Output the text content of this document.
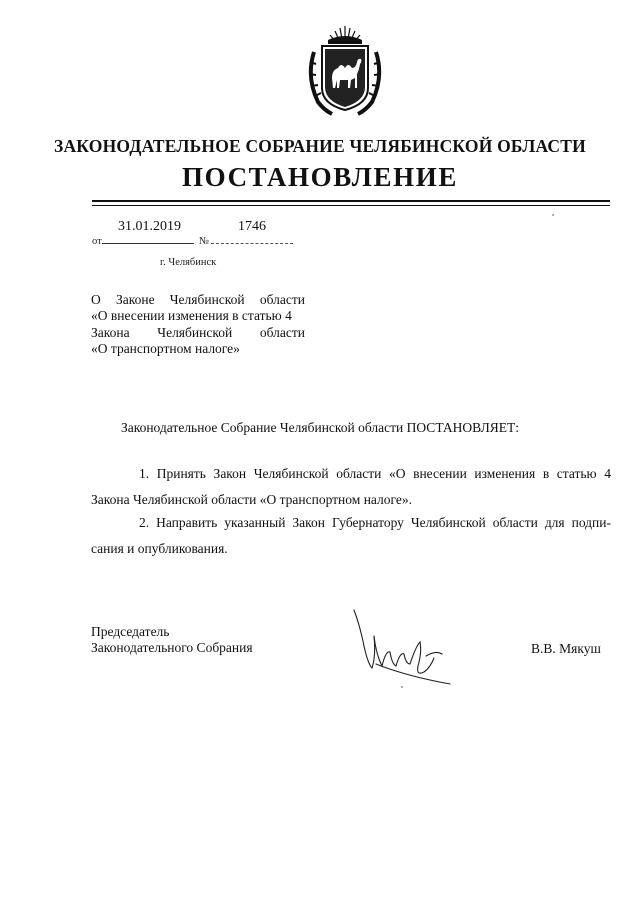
ЗАКОНОДАТЕЛЬНОЕ СОБРАНИЕ ЧЕЛЯБИНСКОЙ ОБЛАСТИ
ПОСТАНОВЛЕНИЕ
31.01.2019	1746
от	№
г. Челябинск
О Законе Челябинской области
«О внесении изменения в статью 4
Закона Челябинской области
«О транспортном налоге»
Законодательное Собрание Челябинской области ПОСТАНОВЛЯЕТ:
1. Принять Закон Челябинской области «О внесении изменения в статью 4
Закона Челябинской области «О транспортном налоге».
2. Направить указанный Закон Губернатору Челябинской области для подпи-
сания и опубликования.
Председатель
Законодательного Собрания	В.В. Мякуш
